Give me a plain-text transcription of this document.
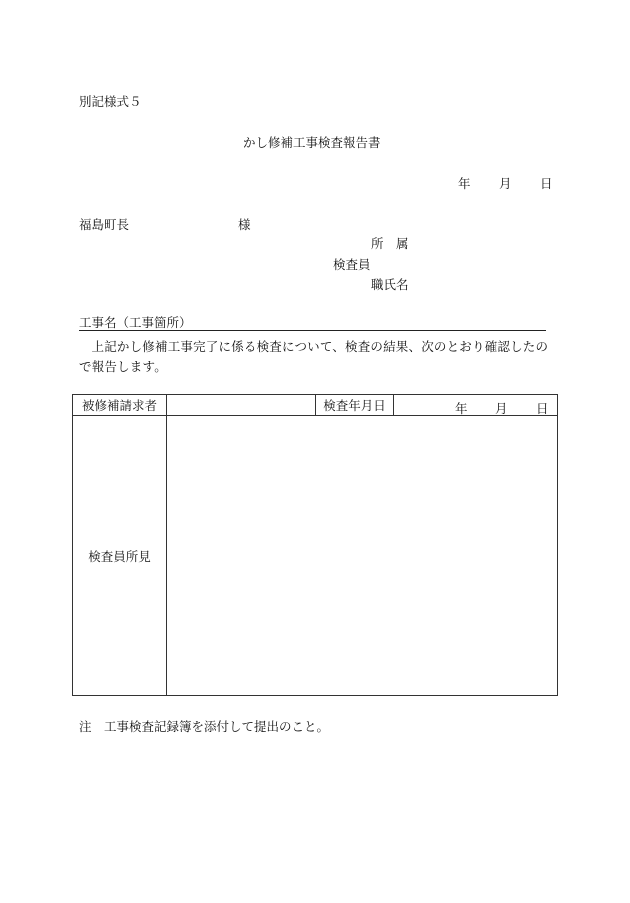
別記様式５
かし修補工事検査報告書
年 月 日
福島町長	様
所　属
検査員
職氏名
工事名（工事箇所）
上記かし修補工事完了に係る検査について、検査の結果、次のとおり確認したので報告します。
被修補請求者		検査年月日	年 月 日

検査員所見			
注　工事検査記録簿を添付して提出のこと。
